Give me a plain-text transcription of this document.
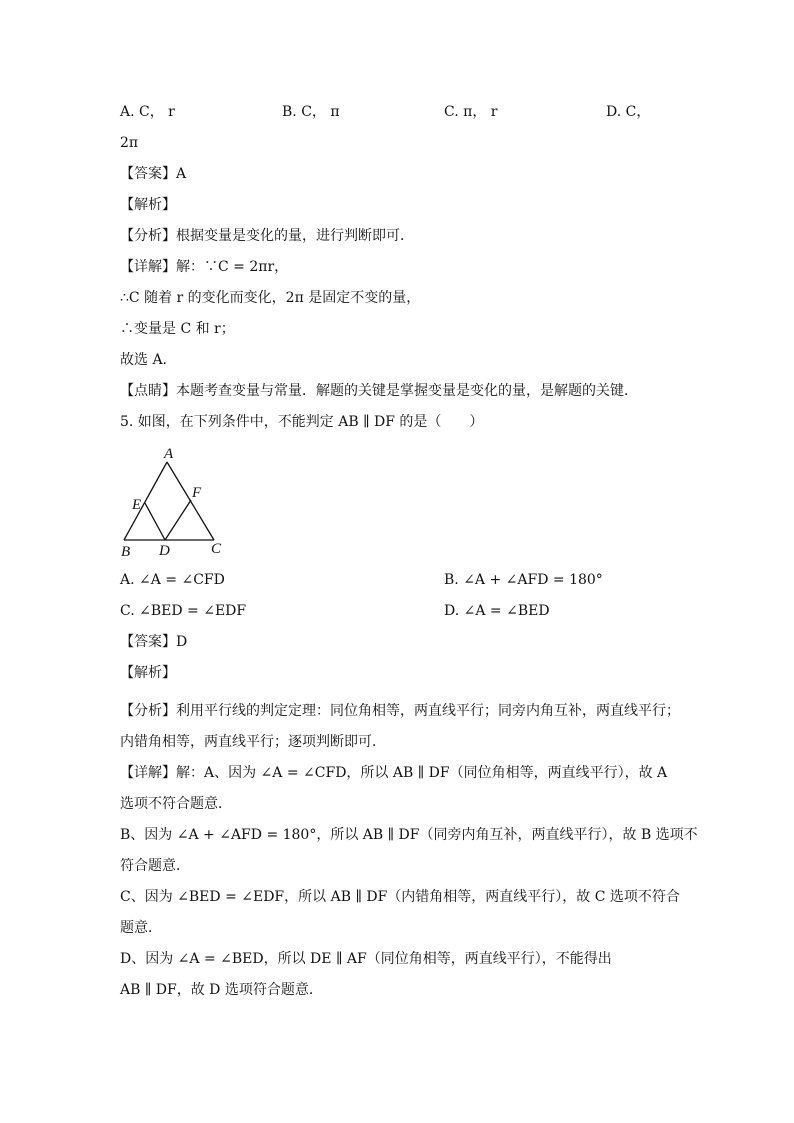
A. C， r	B. C， π	C. π， r	D. C，
2π
【答案】A
【解析】
【分析】根据变量是变化的量，进行判断即可．
【详解】解：∵C = 2πr，
∴C 随着 r 的变化而变化，2π 是固定不变的量，
∴变量是 C 和 r；
故选 A．
【点睛】本题考查变量与常量．解题的关键是掌握变量是变化的量，是解题的关键．
5. 如图，在下列条件中，不能判定 AB ∥ DF 的是（　　）
A
E
F
B D	C
A. ∠A = ∠CFD	B. ∠A + ∠AFD = 180°
C. ∠BED = ∠EDF	D. ∠A = ∠BED
【答案】D
【解析】
【分析】利用平行线的判定定理：同位角相等，两直线平行；同旁内角互补，两直线平行；
内错角相等，两直线平行；逐项判断即可．
【详解】解：A、因为 ∠A = ∠CFD，所以 AB ∥ DF（同位角相等，两直线平行），故 A
选项不符合题意．
B、因为 ∠A + ∠AFD = 180°，所以 AB ∥ DF（同旁内角互补，两直线平行），故 B 选项不
符合题意．
C、因为 ∠BED = ∠EDF，所以 AB ∥ DF（内错角相等，两直线平行），故 C 选项不符合
题意．
D、因为 ∠A = ∠BED，所以 DE ∥ AF（同位角相等，两直线平行），不能得出
AB ∥ DF，故 D 选项符合题意．
